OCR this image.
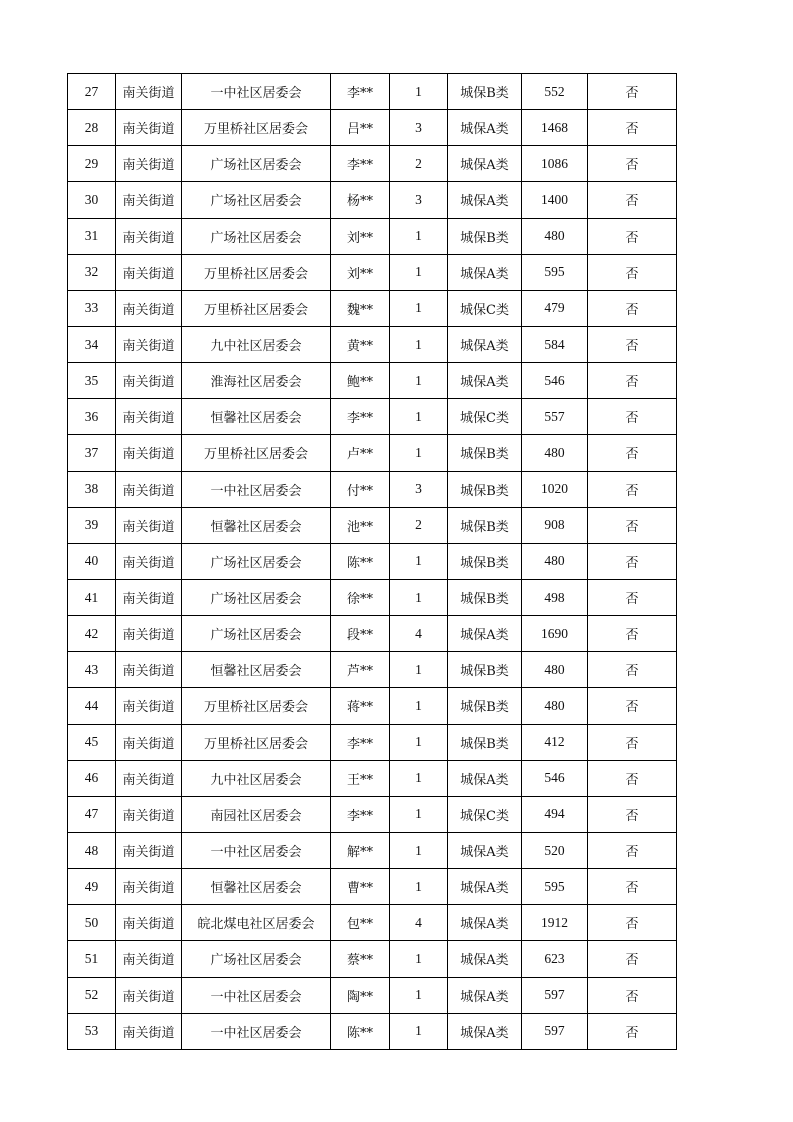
27	南关街道	一中社区居委会	李**	1	城保B类	552	否
28	南关街道	万里桥社区居委会	吕**	3	城保A类	1468	否
29	南关街道	广场社区居委会	李**	2	城保A类	1086	否
30	南关街道	广场社区居委会	杨**	3	城保A类	1400	否
31	南关街道	广场社区居委会	刘**	1	城保B类	480	否
32	南关街道	万里桥社区居委会	刘**	1	城保A类	595	否
33	南关街道	万里桥社区居委会	魏**	1	城保C类	479	否
34	南关街道	九中社区居委会	黄**	1	城保A类	584	否
35	南关街道	淮海社区居委会	鲍**	1	城保A类	546	否
36	南关街道	恒馨社区居委会	李**	1	城保C类	557	否
37	南关街道	万里桥社区居委会	卢**	1	城保B类	480	否
38	南关街道	一中社区居委会	付**	3	城保B类	1020	否
39	南关街道	恒馨社区居委会	池**	2	城保B类	908	否
40	南关街道	广场社区居委会	陈**	1	城保B类	480	否
41	南关街道	广场社区居委会	徐**	1	城保B类	498	否
42	南关街道	广场社区居委会	段**	4	城保A类	1690	否
43	南关街道	恒馨社区居委会	芦**	1	城保B类	480	否
44	南关街道	万里桥社区居委会	蒋**	1	城保B类	480	否
45	南关街道	万里桥社区居委会	李**	1	城保B类	412	否
46	南关街道	九中社区居委会	王**	1	城保A类	546	否
47	南关街道	南园社区居委会	李**	1	城保C类	494	否
48	南关街道	一中社区居委会	解**	1	城保A类	520	否
49	南关街道	恒馨社区居委会	曹**	1	城保A类	595	否
50	南关街道	皖北煤电社区居委会	包**	4	城保A类	1912	否
51	南关街道	广场社区居委会	蔡**	1	城保A类	623	否
52	南关街道	一中社区居委会	陶**	1	城保A类	597	否
53	南关街道	一中社区居委会	陈**	1	城保A类	597	否
